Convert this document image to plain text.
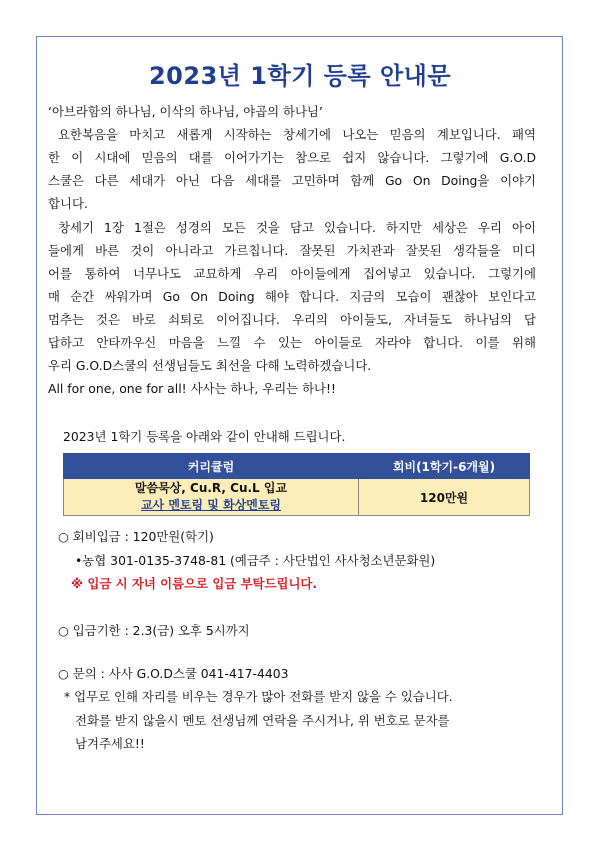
2023년 1학기 등록 안내문
‘아브라함의 하나님, 이삭의 하나님, 야곱의 하나님’
요한복음을 마치고 새롭게 시작하는 창세기에 나오는 믿음의 계보입니다. 패역
한 이 시대에 믿음의 대를 이어가기는 참으로 쉽지 않습니다. 그렇기에 G.O.D
스쿨은 다른 세대가 아닌 다음 세대를 고민하며 함께 Go On Doing을 이야기
합니다.
창세기 1장 1절은 성경의 모든 것을 담고 있습니다. 하지만 세상은 우리 아이
들에게 바른 것이 아니라고 가르칩니다. 잘못된 가치관과 잘못된 생각들을 미디
어를 통하여 너무나도 교묘하게 우리 아이들에게 집어넣고 있습니다. 그렇기에
매 순간 싸워가며 Go On Doing 해야 합니다. 지금의 모습이 괜찮아 보인다고
멈추는 것은 바로 쇠퇴로 이어집니다. 우리의 아이들도, 자녀들도 하나님의 답
답하고 안타까우신 마음을 느낄 수 있는 아이들로 자라야 합니다. 이를 위해
우리 G.O.D스쿨의 선생님들도 최선을 다해 노력하겠습니다.
All for one, one for all! 사사는 하나, 우리는 하나!!
2023년 1학기 등록을 아래와 같이 안내해 드립니다.
커리큘럼	회비(1학기-6개월)

말씀묵상, Cu.R, Cu.L 입교
교사 멘토링 및 화상멘토링	120만원
○ 회비입금 : 120만원(학기)
•농협 301-0135-3748-81 (예금주 : 사단법인 사사청소년문화원)
※ 입금 시 자녀 이름으로 입금 부탁드립니다.
○ 입금기한 : 2.3(금) 오후 5시까지
○ 문의 : 사사 G.O.D스쿨 041-417-4403
* 업무로 인해 자리를 비우는 경우가 많아 전화를 받지 않을 수 있습니다.
전화를 받지 않을시 멘토 선생님께 연락을 주시거나, 위 번호로 문자를
남겨주세요!!
